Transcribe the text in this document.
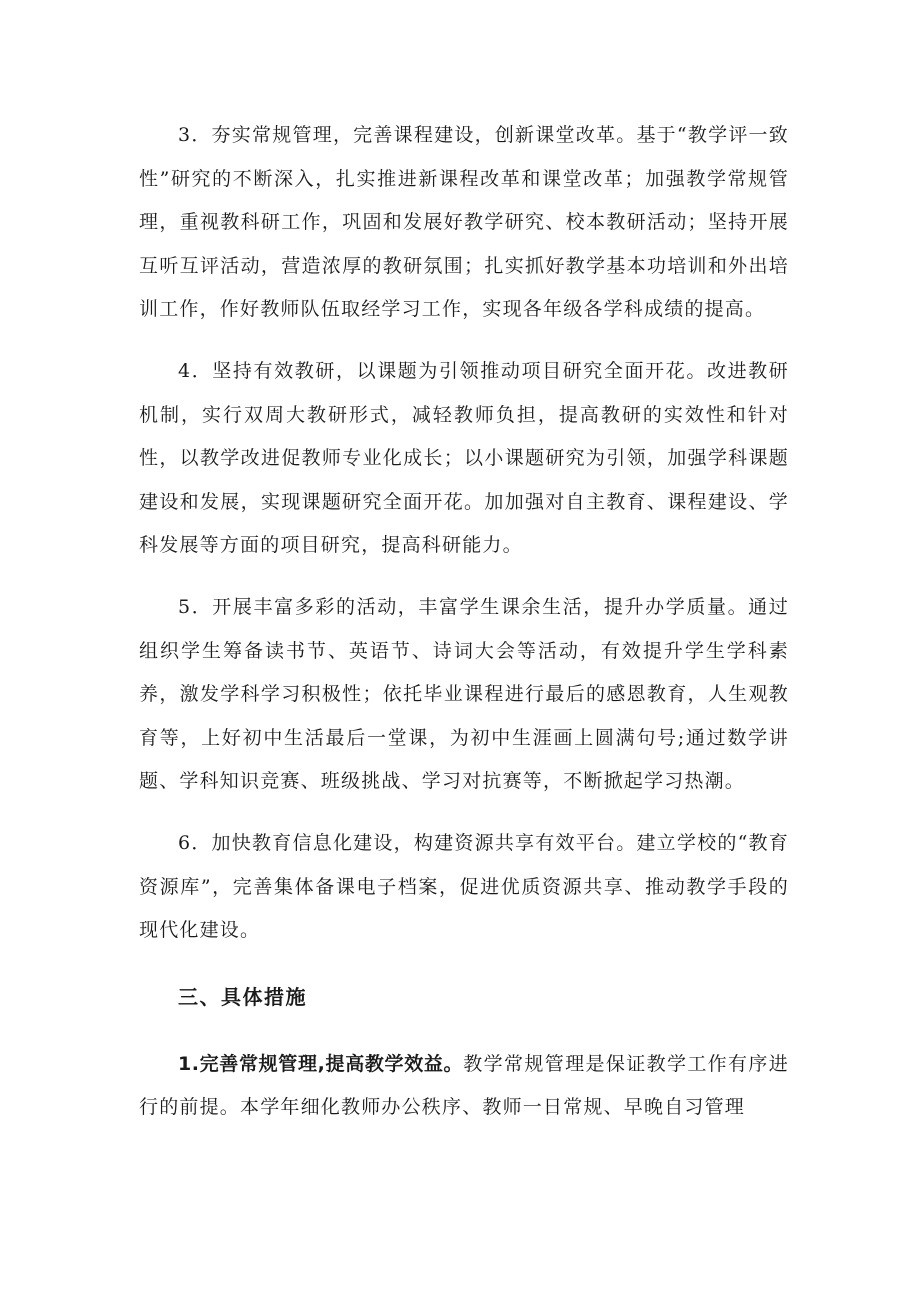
3．夯实常规管理，完善课程建设，创新课堂改革。基于“教学评一致性”研究的不断深入，扎实推进新课程改革和课堂改革；加强教学常规管理，重视教科研工作，巩固和发展好教学研究、校本教研活动；坚持开展互听互评活动，营造浓厚的教研氛围；扎实抓好教学基本功培训和外出培训工作，作好教师队伍取经学习工作，实现各年级各学科成绩的提高。

4．坚持有效教研，以课题为引领推动项目研究全面开花。改进教研机制，实行双周大教研形式，减轻教师负担，提高教研的实效性和针对性，以教学改进促教师专业化成长；以小课题研究为引领，加强学科课题建设和发展，实现课题研究全面开花。加加强对自主教育、课程建设、学科发展等方面的项目研究，提高科研能力。

5．开展丰富多彩的活动，丰富学生课余生活，提升办学质量。通过组织学生筹备读书节、英语节、诗词大会等活动，有效提升学生学科素养，激发学科学习积极性；依托毕业课程进行最后的感恩教育，人生观教育等，上好初中生活最后一堂课，为初中生涯画上圆满句号;通过数学讲题、学科知识竞赛、班级挑战、学习对抗赛等，不断掀起学习热潮。

6．加快教育信息化建设，构建资源共享有效平台。建立学校的“教育资源库”，完善集体备课电子档案，促进优质资源共享、推动教学手段的现代化建设。

三、具体措施

1.完善常规管理,提高教学效益。教学常规管理是保证教学工作有序进行的前提。本学年细化教师办公秩序、教师一日常规、早晚自习管理
